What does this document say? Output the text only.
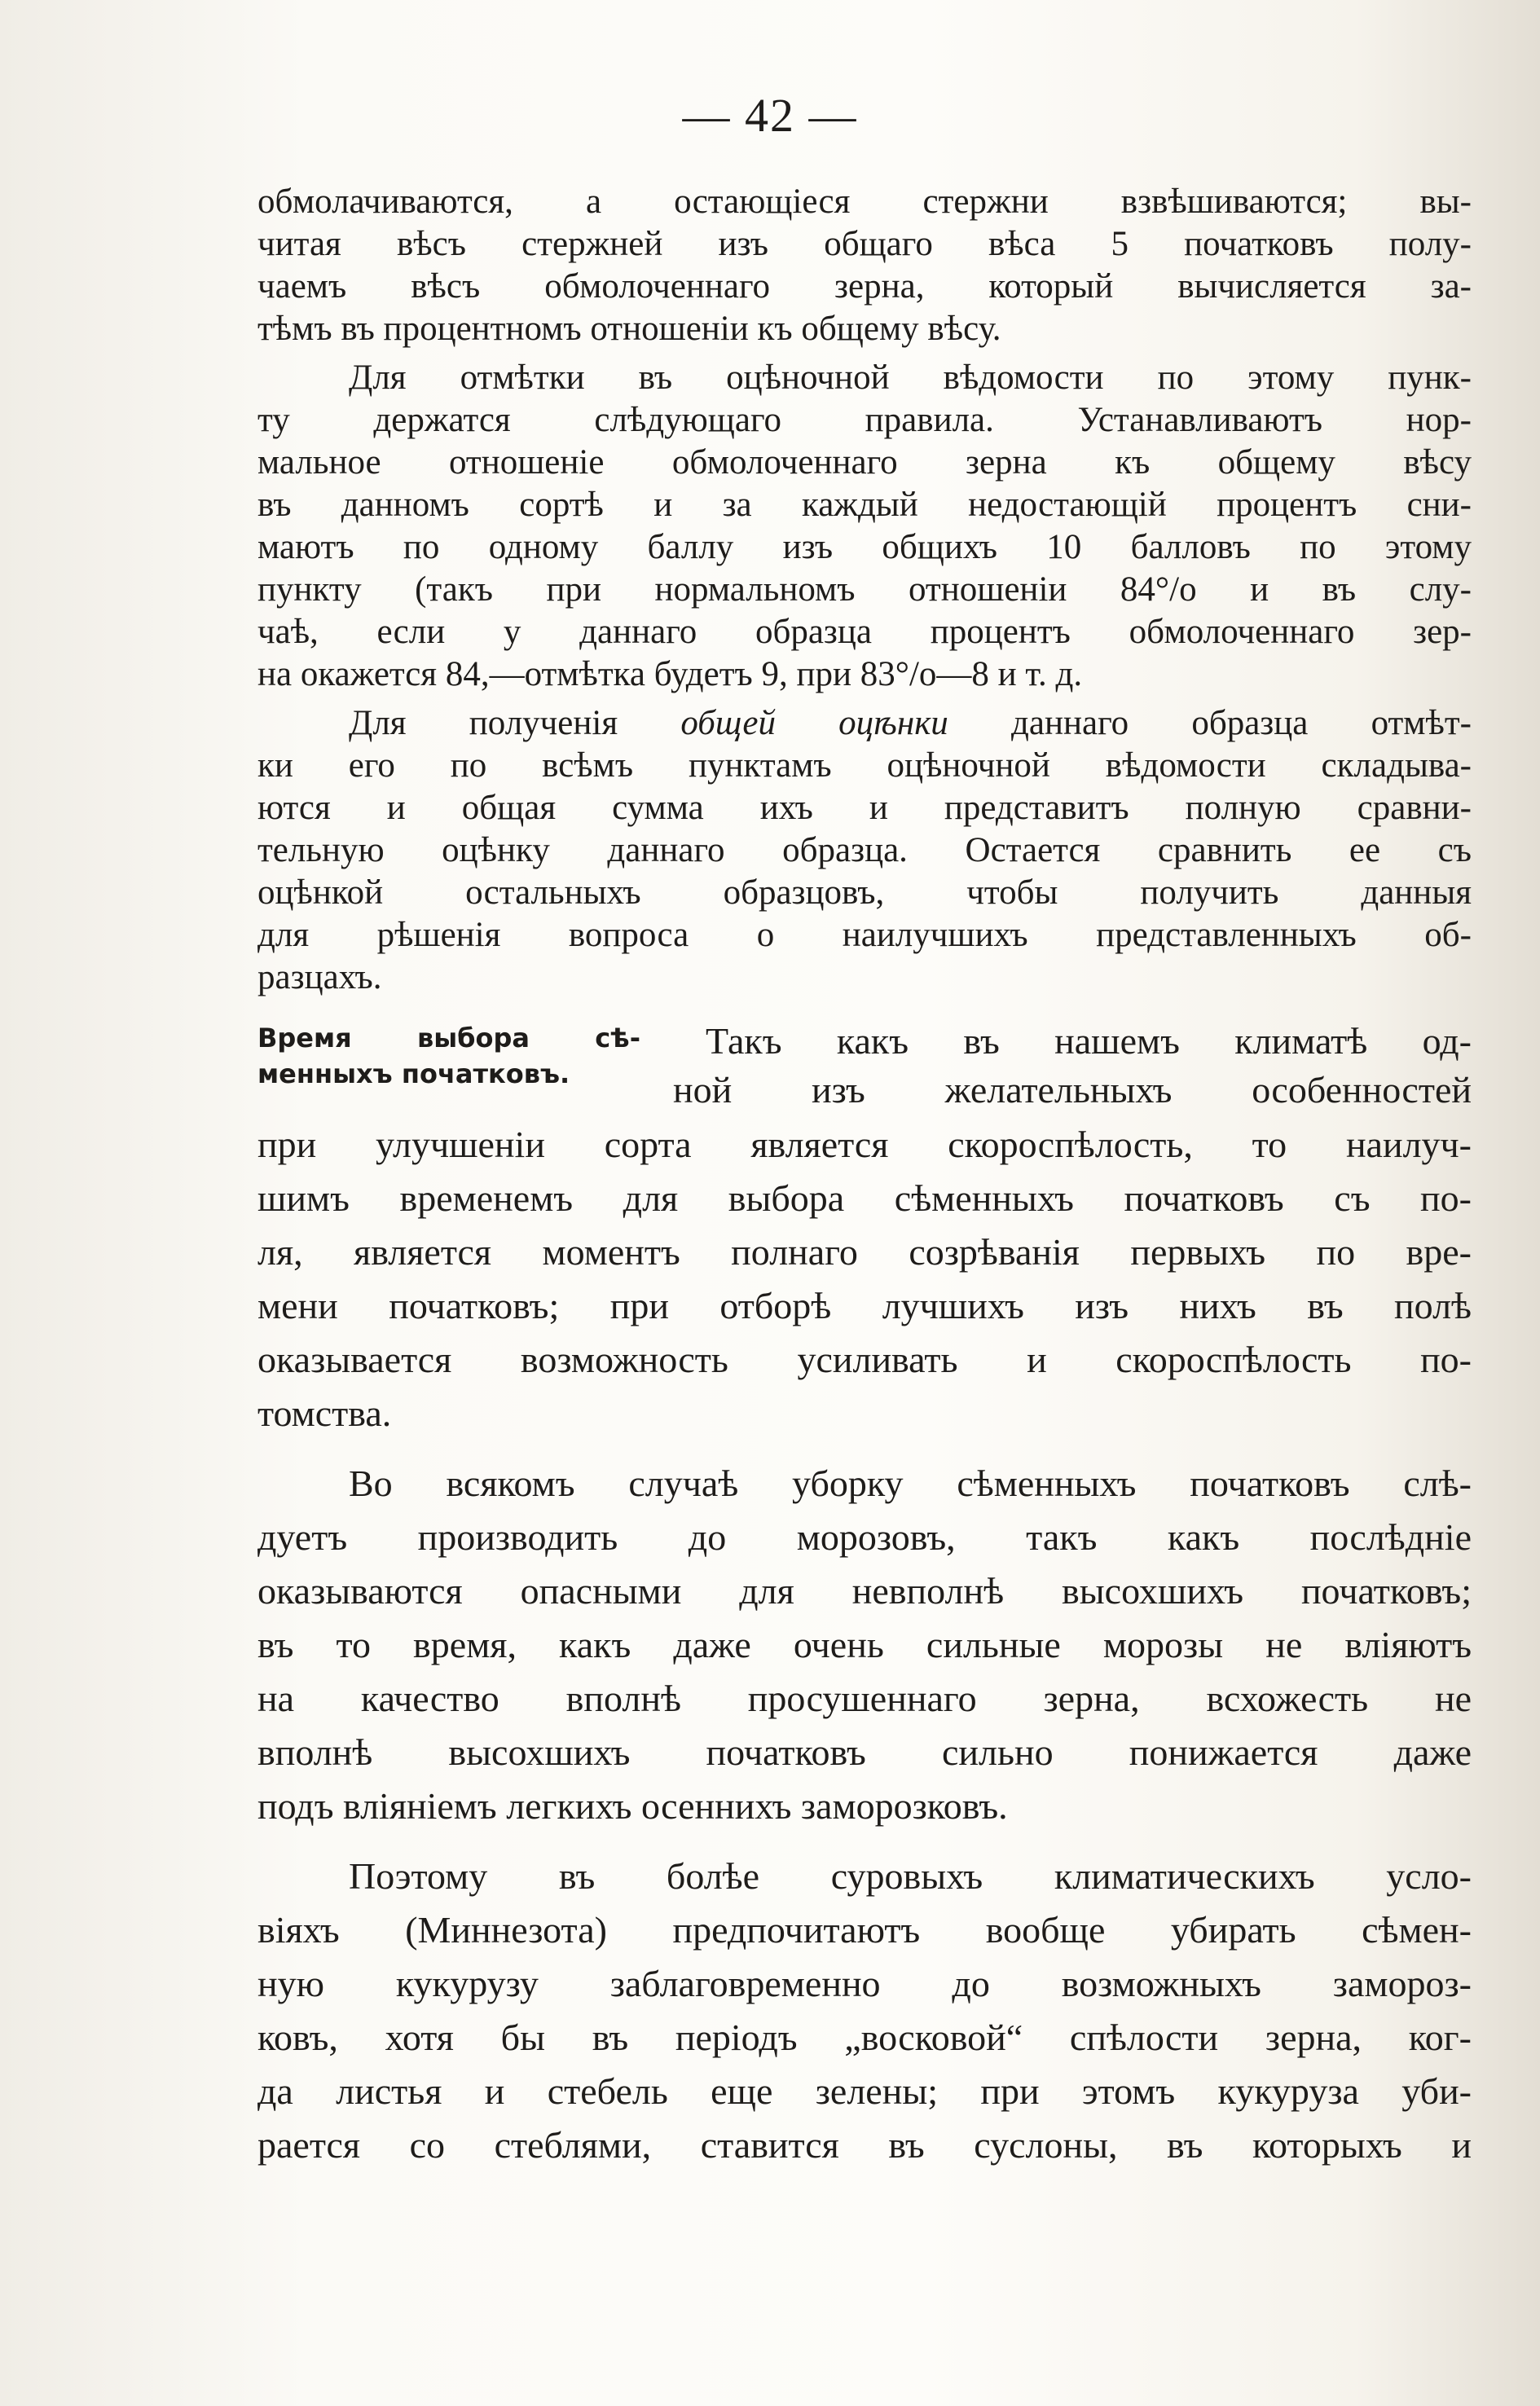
— 42 —
обмолачиваются, а остающіеся стержни взвѣшиваются; вы-
читая вѣсъ стержней изъ общаго вѣса 5 початковъ полу-
чаемъ вѣсъ обмолоченнаго зерна, который вычисляется за-
тѣмъ въ процентномъ отношеніи къ общему вѣсу.
Для отмѣтки въ оцѣночной вѣдомости по этому пунк-
ту держатся слѣдующаго правила. Устанавливаютъ нор-
мальное отношеніе обмолоченнаго зерна къ общему вѣсу
въ данномъ сортѣ и за каждый недостающій процентъ сни-
маютъ по одному баллу изъ общихъ 10 балловъ по этому
пункту (такъ при нормальномъ отношеніи 84°/о и въ слу-
чаѣ, если у даннаго образца процентъ обмолоченнаго зер-
на окажется 84,—отмѣтка будетъ 9, при 83°/о—8 и т. д.
Для полученія общей оцѣнки даннаго образца отмѣт-
ки его по всѣмъ пунктамъ оцѣночной вѣдомости складыва-
ются и общая сумма ихъ и представитъ полную сравни-
тельную оцѣнку даннаго образца. Остается сравнить ее съ
оцѣнкой остальныхъ образцовъ, чтобы получить данныя
для рѣшенія вопроса о наилучшихъ представленныхъ об-
разцахъ.
Время выбора сѣ-
менныхъ початковъ.
Такъ какъ въ нашемъ климатѣ од-
ной изъ желательныхъ особенностей
при улучшеніи сорта является скороспѣлость, то наилуч-
шимъ временемъ для выбора сѣменныхъ початковъ съ по-
ля, является моментъ полнаго созрѣванія первыхъ по вре-
мени початковъ; при отборѣ лучшихъ изъ нихъ въ полѣ
оказывается возможность усиливать и скороспѣлость по-
томства.
Во всякомъ случаѣ уборку сѣменныхъ початковъ слѣ-
дуетъ производить до морозовъ, такъ какъ послѣдніе
оказываются опасными для невполнѣ высохшихъ початковъ;
въ то время, какъ даже очень сильные морозы не вліяютъ
на качество вполнѣ просушеннаго зерна, всхожесть не
вполнѣ высохшихъ початковъ сильно понижается даже
подъ вліяніемъ легкихъ осеннихъ заморозковъ.
Поэтому въ болѣе суровыхъ климатическихъ усло-
віяхъ (Миннезота) предпочитаютъ вообще убирать сѣмен-
ную кукурузу заблаговременно до возможныхъ замороз-
ковъ, хотя бы въ періодъ „восковой“ спѣлости зерна, ког-
да листья и стебель еще зелены; при этомъ кукуруза уби-
рается со стеблями, ставится въ суслоны, въ которыхъ и
